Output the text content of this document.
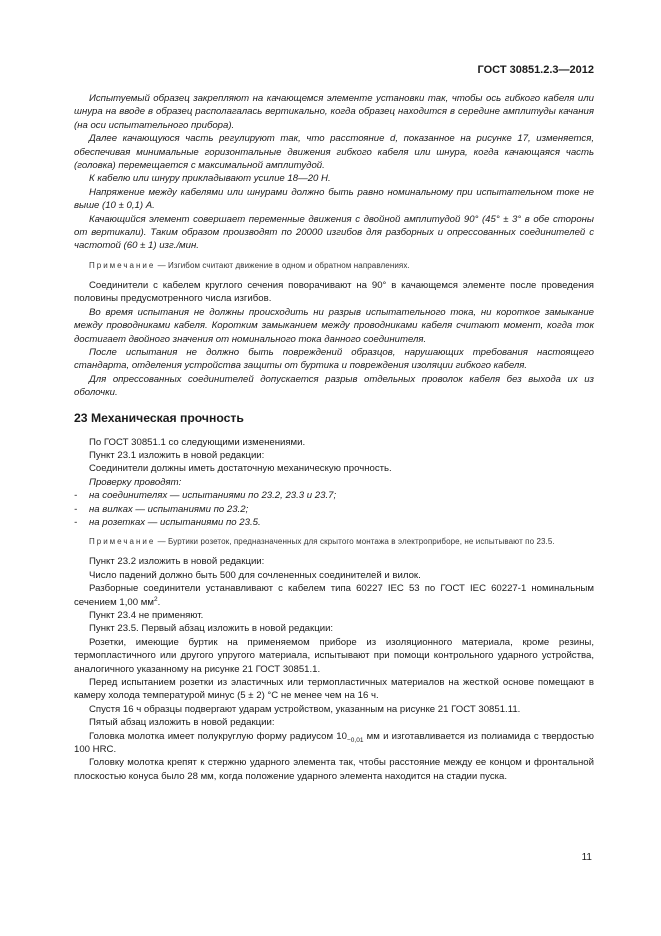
ГОСТ 30851.2.3—2012

Испытуемый образец закрепляют на качающемся элементе установки так, чтобы ось гибкого кабеля или шнура на вводе в образец располагалась вертикально, когда образец находится в середине амплитуды качания (на оси испытательного прибора).

Далее качающуюся часть регулируют так, что расстояние d, показанное на рисунке 17, изменяется, обеспечивая минимальные горизонтальные движения гибкого кабеля или шнура, когда качающаяся часть (головка) перемещается с максимальной амплитудой.

К кабелю или шнуру прикладывают усилие 18—20 Н.

Напряжение между кабелями или шнурами должно быть равно номинальному при испытательном токе не выше (10 ± 0,1) А.

Качающийся элемент совершает переменные движения с двойной амплитудой 90° (45° ± 3° в обе стороны от вертикали). Таким образом производят по 20000 изгибов для разборных и опрессованных соединителей с частотой (60 ± 1) изг./мин.

Примечание — Изгибом считают движение в одном и обратном направлениях.

Соединители с кабелем круглого сечения поворачивают на 90° в качающемся элементе после проведения половины предусмотренного числа изгибов.

Во время испытания не должны происходить ни разрыв испытательного тока, ни короткое замыкание между проводниками кабеля. Коротким замыканием между проводниками кабеля считают момент, когда ток достигает двойного значения от номинального тока данного соединителя.

После испытания не должно быть повреждений образцов, нарушающих требования настоящего стандарта, отделения устройства защиты от буртика и повреждения изоляции гибкого кабеля.

Для опрессованных соединителей допускается разрыв отдельных проволок кабеля без выхода их из оболочки.

23 Механическая прочность

По ГОСТ 30851.1 со следующими изменениями.

Пункт 23.1 изложить в новой редакции:

Соединители должны иметь достаточную механическую прочность.

Проверку проводят:

- на соединителях — испытаниями по 23.2, 23.3 и 23.7;

- на вилках — испытаниями по 23.2;

- на розетках — испытаниями по 23.5.

Примечание — Буртики розеток, предназначенных для скрытого монтажа в электроприборе, не испытывают по 23.5.

Пункт 23.2 изложить в новой редакции:

Число падений должно быть 500 для сочлененных соединителей и вилок.

Разборные соединители устанавливают с кабелем типа 60227 IEC 53 по ГОСТ IEC 60227-1 номинальным сечением 1,00 $мм^2$.

Пункт 23.4 не применяют.

Пункт 23.5. Первый абзац изложить в новой редакции:

Розетки, имеющие буртик на применяемом приборе из изоляционного материала, кроме резины, термопластичного или другого упругого материала, испытывают при помощи контрольного ударного устройства, аналогичного указанному на рисунке 21 ГОСТ 30851.1.

Перед испытанием розетки из эластичных или термопластичных материалов на жесткой основе помещают в камеру холода температурой минус (5 ± 2) °C не менее чем на 16 ч.

Спустя 16 ч образцы подвергают ударам устройством, указанным на рисунке 21 ГОСТ 30851.11.

Пятый абзац изложить в новой редакции:

Головка молотка имеет полукруглую форму радиусом $10_{-0,01}$ мм и изготавливается из полиамида с твердостью 100 HRC.

Головку молотка крепят к стержню ударного элемента так, чтобы расстояние между ее концом и фронтальной плоскостью конуса было 28 мм, когда положение ударного элемента находится на стадии пуска.

11
